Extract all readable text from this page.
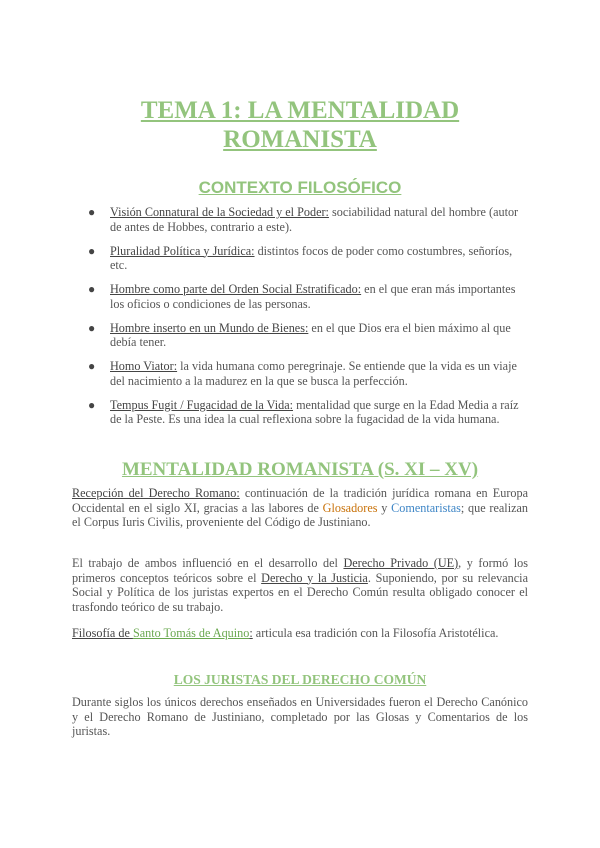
TEMA 1: LA MENTALIDAD
ROMANISTA
CONTEXTO FILOSÓFICO
● Visión Connatural de la Sociedad y el Poder: sociabilidad natural del hombre (autor de antes de Hobbes, contrario a este).
● Pluralidad Política y Jurídica: distintos focos de poder como costumbres, señoríos, etc.
● Hombre como parte del Orden Social Estratificado: en el que eran más importantes los oficios o condiciones de las personas.
● Hombre inserto en un Mundo de Bienes: en el que Dios era el bien máximo al que debía tener.
● Homo Viator: la vida humana como peregrinaje. Se entiende que la vida es un viaje del nacimiento a la madurez en la que se busca la perfección.
● Tempus Fugit / Fugacidad de la Vida: mentalidad que surge en la Edad Media a raíz de la Peste. Es una idea la cual reflexiona sobre la fugacidad de la vida humana.
MENTALIDAD ROMANISTA (S. XI – XV)

Recepción del Derecho Romano: continuación de la tradición jurídica romana en Europa Occidental en el siglo XI, gracias a las labores de Glosadores y Comentaristas; que realizan el Corpus Iuris Civilis, proveniente del Código de Justiniano.

El trabajo de ambos influenció en el desarrollo del Derecho Privado (UE), y formó los primeros conceptos teóricos sobre el Derecho y la Justicia. Suponiendo, por su relevancia Social y Política de los juristas expertos en el Derecho Común resulta obligado conocer el trasfondo teórico de su trabajo.

Filosofía de Santo Tomás de Aquino: articula esa tradición con la Filosofía Aristotélica.

LOS JURISTAS DEL DERECHO COMÚN

Durante siglos los únicos derechos enseñados en Universidades fueron el Derecho Canónico y el Derecho Romano de Justiniano, completado por las Glosas y Comentarios de los juristas.
